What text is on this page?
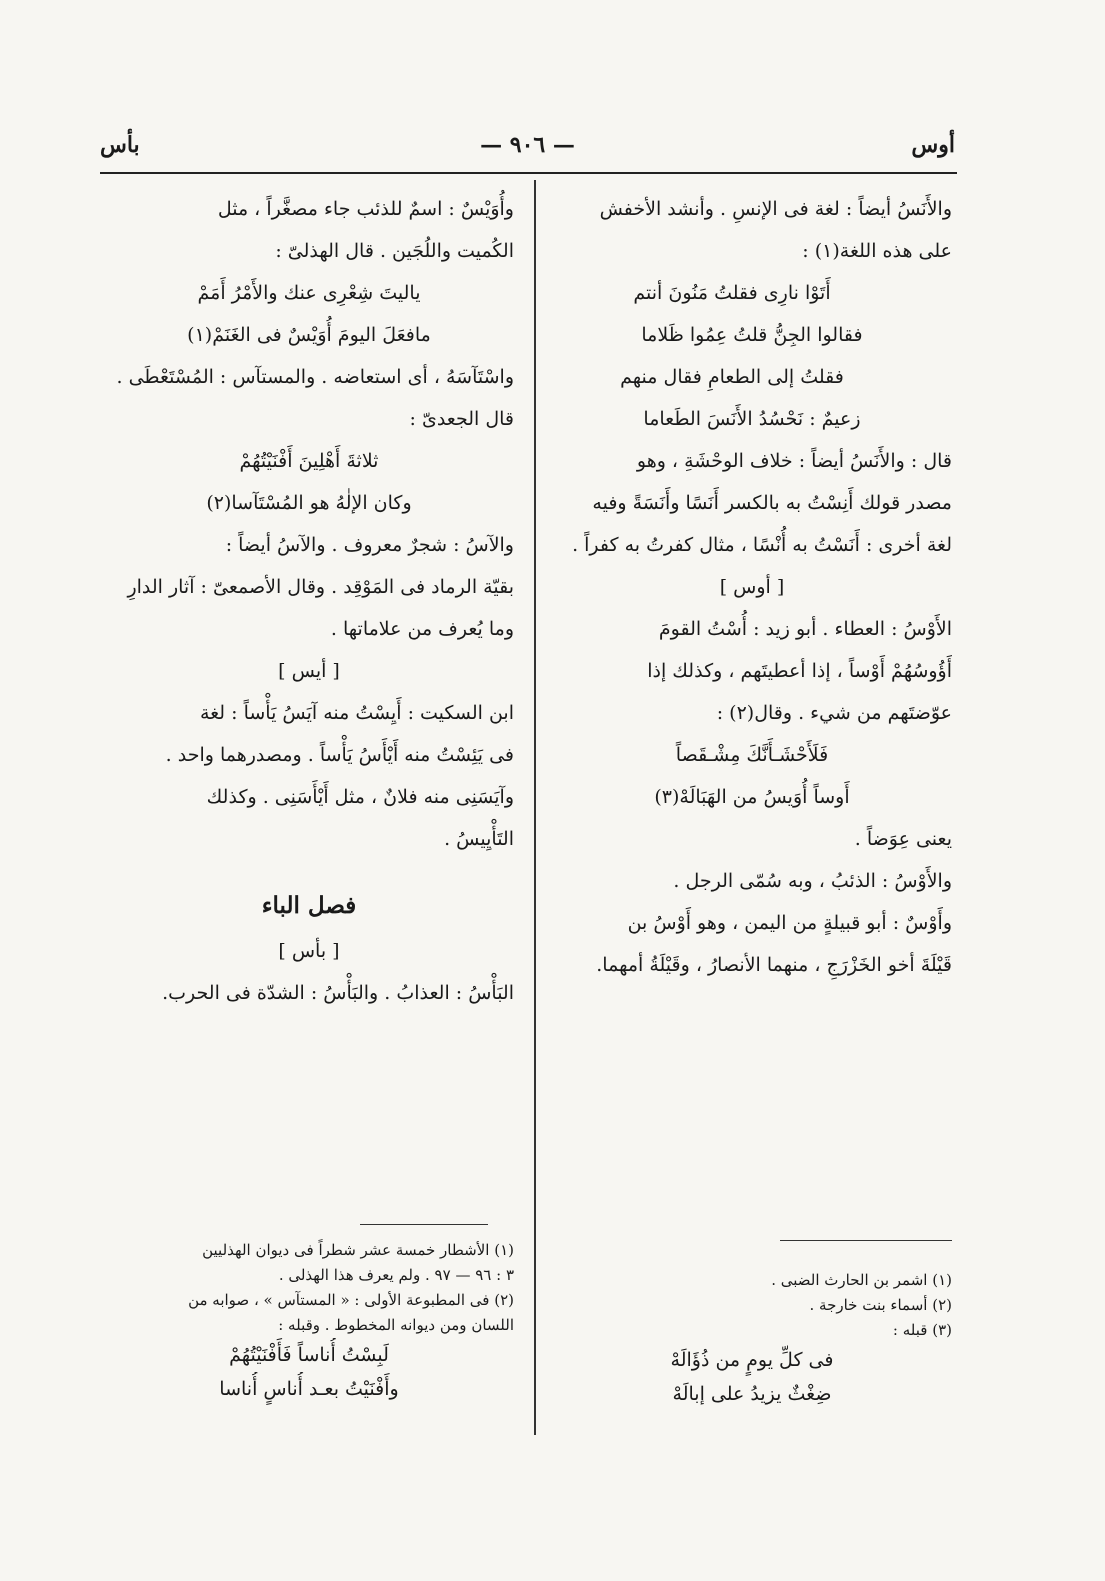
أوس
— ٩٠٦ —
بأس
والأَنَسُ أيضاً : لغة فى الإنسِ . وأنشد الأخفش
على هذه اللغة(١) :
أَتَوْا نارِى فقلتُ مَنُونَ أنتم
فقالوا الجِنُّ قلتُ عِمُوا ظَلاما
فقلتُ إلى الطعامِ فقال منهم
زعيمٌ : نَحْسُدُ الأَنَسَ الطَعاما
قال : والأَنَسُ أيضاً : خلاف الوحْشَةِ ، وهو
مصدر قولك أَنِسْتُ به بالكسر أَنَسًا وأَنَسَةً وفيه
لغة أخرى : أَنَسْتُ به أُنْسًا ، مثال كفرتُ به كفراً .
[ أوس ]
الأَوْسُ : العطاء . أبو زيد : أُسْتُ القومَ
أَؤُوسُهُمْ أَوْساً ، إذا أعطيتَهم ، وكذلك إذا
عوّضتَهم من شيء . وقال(٢) :
فَلَأَحْشَـأَنَّكَ مِشْـقَصاً
أَوساً أُوَيسُ من الهَبَالَهْ(٣)
يعنى عِوَضاً .
والأَوْسُ : الذئبُ ، وبه سُمّى الرجل .
وأَوْسٌ : أبو قبيلةٍ من اليمن ، وهو أَوْسُ بن
قَيْلَةَ أخو الخَزْرَجِ ، منهما الأنصارُ ، وقَيْلَةُ أمهما.
(١) اشمر بن الحارث الضبى .
(٢) أسماء بنت خارجة .
(٣) قبله :
فى كلِّ يومٍ من ذُؤَالَهْ
ضِغْثٌ يزيدُ على إبالَهْ
وأُوَيْسٌ : اسمٌ للذئب جاء مصغَّراً ، مثل
الكُميت واللُجَين . قال الهذلىّ :
ياليتَ شِعْرِى عنك والأَمْرُ أَمَمْ
مافعَلَ اليومَ أُوَيْسٌ فى الغَنَمْ(١)
واسْتَآسَهُ ، أى استعاضه . والمستآس : المُسْتَعْطَى .
قال الجعدىّ :
ثلاثةَ أَهْلِينَ أَفْنَيْتُهُمْ
وكان الإلٰهُ هو المُسْتَآسا(٢)
والآسُ : شجرٌ معروف . والآسُ أيضاً :
بقيّة الرماد فى المَوْقِد . وقال الأصمعىّ : آثار الدارِ
وما يُعرف من علاماتها .
[ أيس ]
ابن السكيت : أَيِسْتُ منه آيَسُ يَأْساً : لغة
فى يَئِسْتُ منه أَيْأَسُ يَأْساً . ومصدرهما واحد .
وآيَسَنِى منه فلانٌ ، مثل أَيْأَسَنِى . وكذلك
التَأْيِيسُ .
فصل الباء
[ بأس ]
البَأْسُ : العذابُ . والبَأْسُ : الشدّة فى الحرب.
(١) الأشطار خمسة عشر شطراً فى ديوان الهذليين
٣ : ٩٦ — ٩٧ . ولم يعرف هذا الهذلى .
(٢) فى المطبوعة الأولى : « المستآس » ، صوابه من
اللسان ومن ديوانه المخطوط . وقبله :
لَبِسْتُ أُناساً فَأَفْنَيْتُهُمْ
وأَفْنَيْتُ بعـد أُناسٍ أُناسا
